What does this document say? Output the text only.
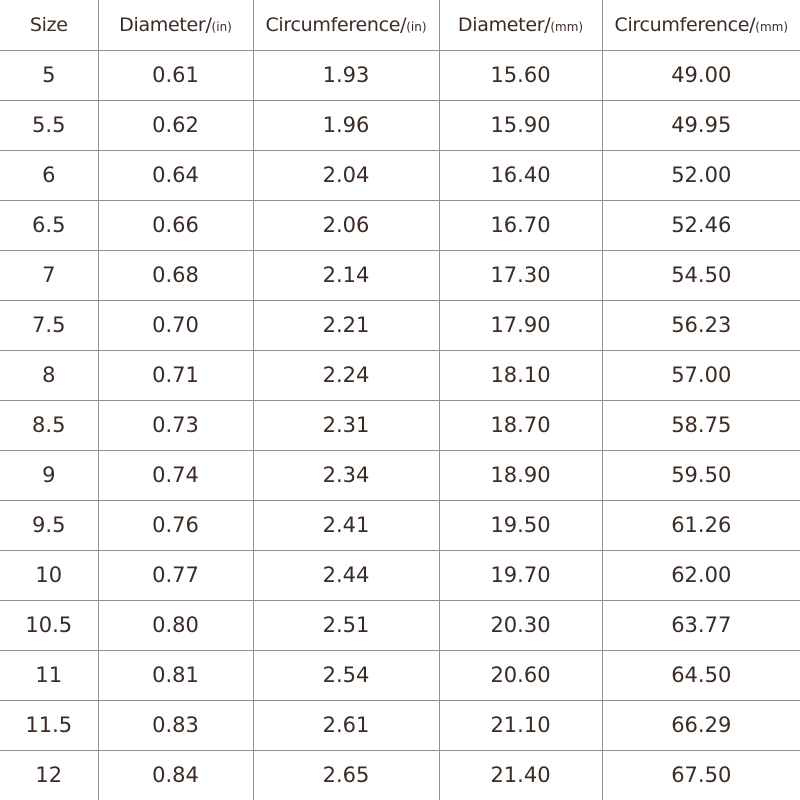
Size	Diameter/(in)	Circumference/(in)	Diameter/(mm)	Circumference/(mm)
5	0.61	1.93	15.60	49.00
5.5	0.62	1.96	15.90	49.95
6	0.64	2.04	16.40	52.00
6.5	0.66	2.06	16.70	52.46
7	0.68	2.14	17.30	54.50
7.5	0.70	2.21	17.90	56.23
8	0.71	2.24	18.10	57.00
8.5	0.73	2.31	18.70	58.75
9	0.74	2.34	18.90	59.50
9.5	0.76	2.41	19.50	61.26
10	0.77	2.44	19.70	62.00
10.5	0.80	2.51	20.30	63.77
11	0.81	2.54	20.60	64.50
11.5	0.83	2.61	21.10	66.29
12	0.84	2.65	21.40	67.50
